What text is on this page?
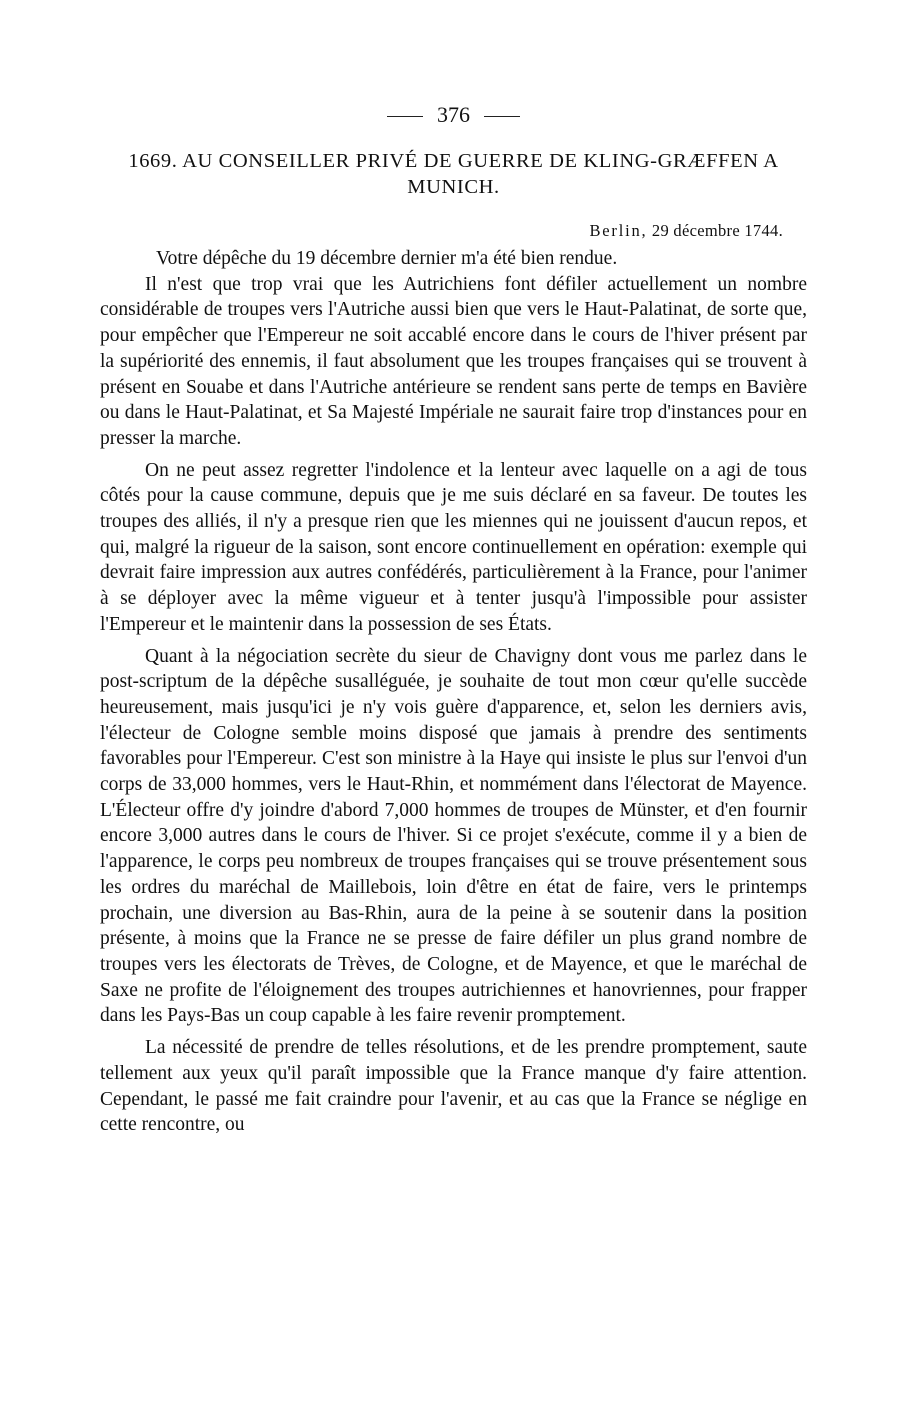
376
1669. AU CONSEILLER PRIVÉ DE GUERRE DE KLING-GRÆFFEN A MUNICH.
Berlin, 29 décembre 1744.

Votre dépêche du 19 décembre dernier m'a été bien rendue.

Il n'est que trop vrai que les Autrichiens font défiler actuellement un nombre considérable de troupes vers l'Autriche aussi bien que vers le Haut-Palatinat, de sorte que, pour empêcher que l'Empereur ne soit accablé encore dans le cours de l'hiver présent par la supériorité des ennemis, il faut absolument que les troupes françaises qui se trouvent à présent en Souabe et dans l'Autriche antérieure se rendent sans perte de temps en Bavière ou dans le Haut-Palatinat, et Sa Majesté Impériale ne saurait faire trop d'instances pour en presser la marche.

On ne peut assez regretter l'indolence et la lenteur avec laquelle on a agi de tous côtés pour la cause commune, depuis que je me suis déclaré en sa faveur. De toutes les troupes des alliés, il n'y a presque rien que les miennes qui ne jouissent d'aucun repos, et qui, malgré la rigueur de la saison, sont encore continuellement en opération: exemple qui devrait faire impression aux autres confédérés, particulièrement à la France, pour l'animer à se déployer avec la même vigueur et à tenter jusqu'à l'impossible pour assister l'Empereur et le maintenir dans la possession de ses États.

Quant à la négociation secrète du sieur de Chavigny dont vous me parlez dans le post-scriptum de la dépêche susalléguée, je souhaite de tout mon cœur qu'elle succède heureusement, mais jusqu'ici je n'y vois guère d'apparence, et, selon les derniers avis, l'électeur de Cologne semble moins disposé que jamais à prendre des sentiments favorables pour l'Empereur. C'est son ministre à la Haye qui insiste le plus sur l'envoi d'un corps de 33,000 hommes, vers le Haut-Rhin, et nommément dans l'électorat de Mayence. L'Électeur offre d'y joindre d'abord 7,000 hommes de troupes de Münster, et d'en fournir encore 3,000 autres dans le cours de l'hiver. Si ce projet s'exécute, comme il y a bien de l'apparence, le corps peu nombreux de troupes françaises qui se trouve présentement sous les ordres du maréchal de Maillebois, loin d'être en état de faire, vers le printemps prochain, une diversion au Bas-Rhin, aura de la peine à se soutenir dans la position présente, à moins que la France ne se presse de faire défiler un plus grand nombre de troupes vers les électorats de Trèves, de Cologne, et de Mayence, et que le maréchal de Saxe ne profite de l'éloignement des troupes autrichiennes et hanovriennes, pour frapper dans les Pays-Bas un coup capable à les faire revenir promptement.

La nécessité de prendre de telles résolutions, et de les prendre promptement, saute tellement aux yeux qu'il paraît impossible que la France manque d'y faire attention. Cependant, le passé me fait craindre pour l'avenir, et au cas que la France se néglige en cette rencontre, ou
